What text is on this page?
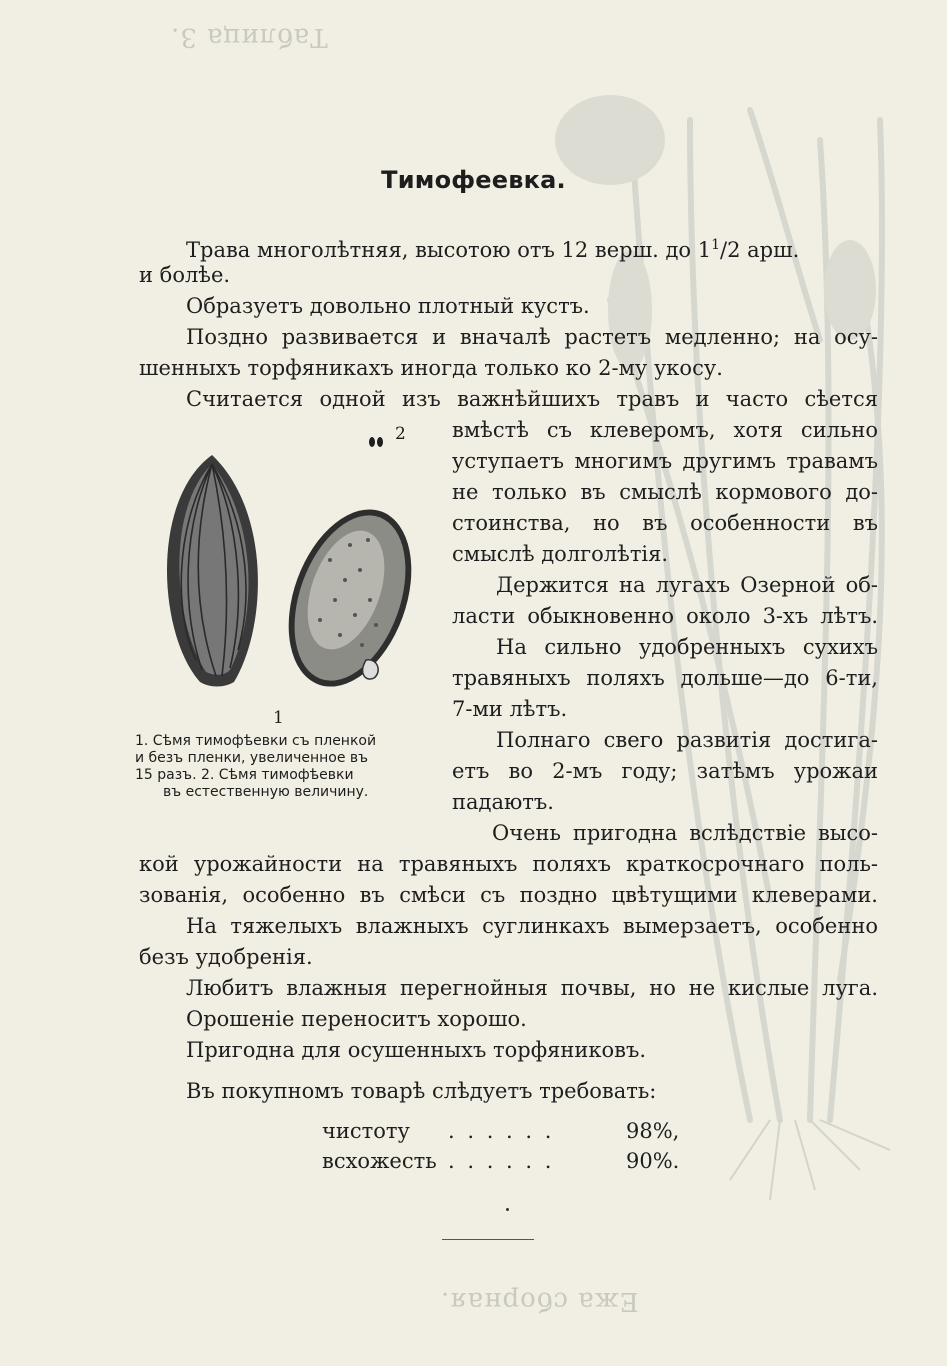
Таблица 3.
Тимофеевка.
Трава многолѣтняя, высотою отъ 12 верш. до $1^1/2$ арш.
и болѣе.
Образуетъ довольно плотный кустъ.
Поздно развивается и вначалѣ растетъ медленно; на осу-
шенныхъ торфяникахъ иногда только ко 2-му укосу.
Считается одной изъ важнѣйшихъ травъ и часто сѣется
вмѣстѣ съ клеверомъ, хотя сильно
уступаетъ многимъ другимъ травамъ
не только въ смыслѣ кормового до-
стоинства, но въ особенности въ
смыслѣ долголѣтія.
Держится на лугахъ Озерной об-
ласти обыкновенно около 3-хъ лѣтъ.
На сильно удобренныхъ сухихъ
травяныхъ поляхъ дольше—до 6-ти,
7-ми лѣтъ.
Полнаго свего развитія достига-
етъ во 2-мъ году; затѣмъ урожаи
падаютъ.
2
1
1. Сѣмя тимофѣевки съ пленкой
и безъ пленки, увеличенное въ
15 разъ. 2. Сѣмя тимофѣевки
въ естественную величину.
Очень пригодна вслѣдствіе высо-
кой урожайности на травяныхъ поляхъ краткосрочнаго поль-
зованія, особенно въ смѣси съ поздно цвѣтущими клеверами.
На тяжелыхъ влажныхъ суглинкахъ вымерзаетъ, особенно
безъ удобренія.
Любитъ влажныя перегнойныя почвы, но не кислые луга.
Орошеніе переноситъ хорошо.
Пригодна для осушенныхъ торфяниковъ.
Въ покупномъ товарѣ слѣдуетъ требовать:
чистоту . . . . . .	98%,
всхожесть . . . . . .	90%.
Ежа сборная.
